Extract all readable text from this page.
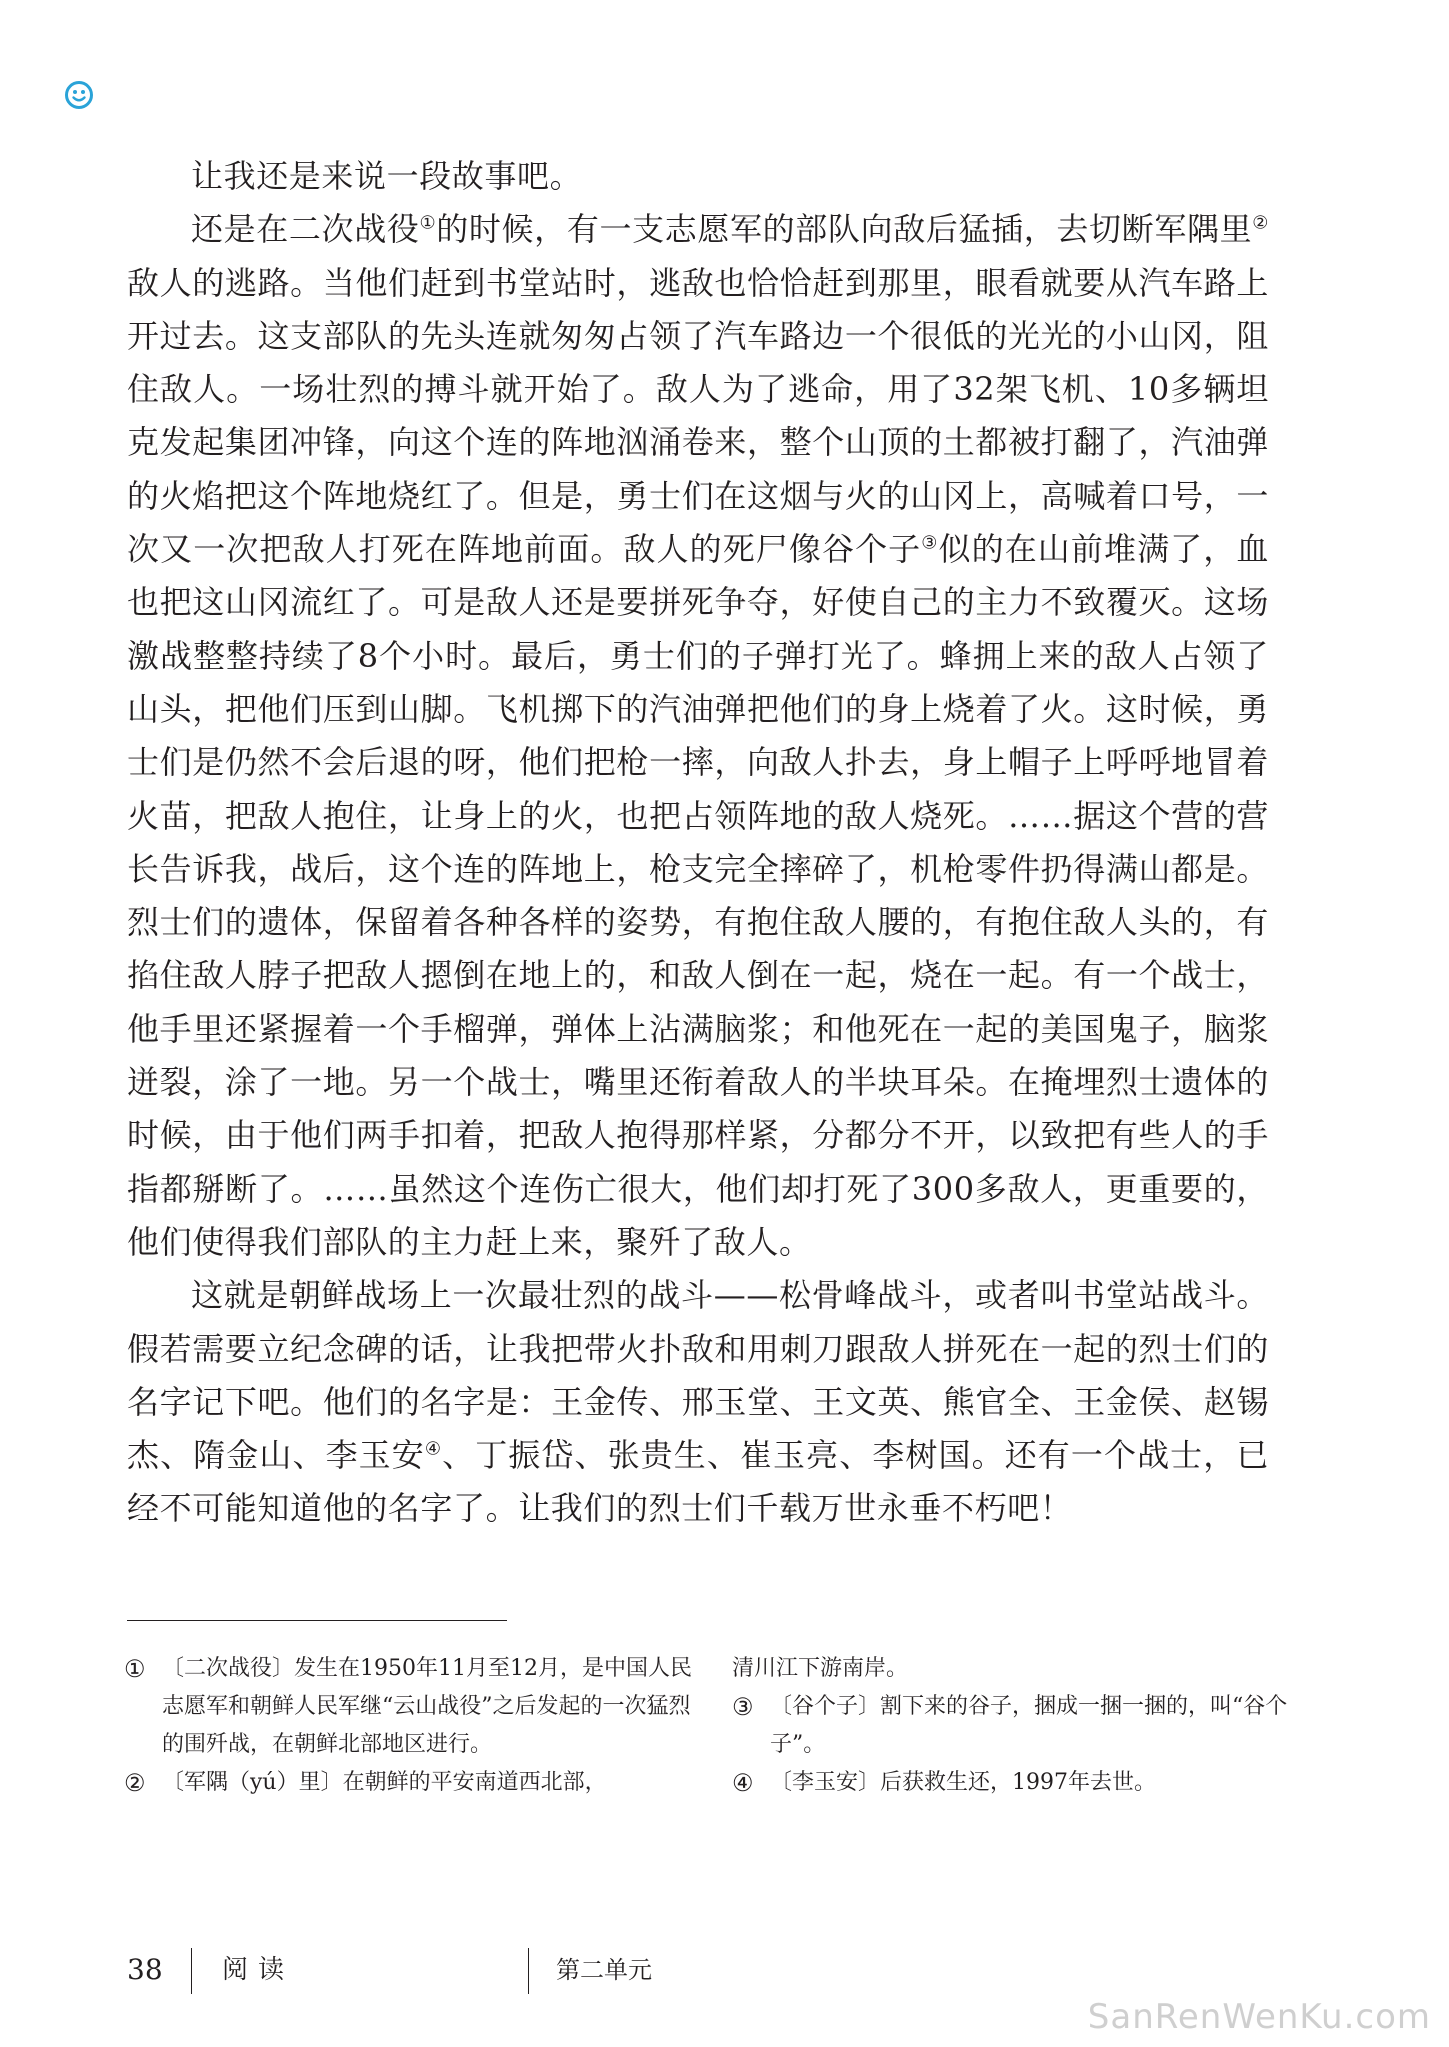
让我还是来说一段故事吧。

还是在二次战役①的时候，有一支志愿军的部队向敌后猛插，去切断军隅里②敌人的逃路。当他们赶到书堂站时，逃敌也恰恰赶到那里，眼看就要从汽车路上开过去。这支部队的先头连就匆匆占领了汽车路边一个很低的光光的小山冈，阻住敌人。一场壮烈的搏斗就开始了。敌人为了逃命，用了32架飞机、10多辆坦克发起集团冲锋，向这个连的阵地汹涌卷来，整个山顶的土都被打翻了，汽油弹的火焰把这个阵地烧红了。但是，勇士们在这烟与火的山冈上，高喊着口号，一次又一次把敌人打死在阵地前面。敌人的死尸像谷个子③似的在山前堆满了，血也把这山冈流红了。可是敌人还是要拼死争夺，好使自己的主力不致覆灭。这场激战整整持续了8个小时。最后，勇士们的子弹打光了。蜂拥上来的敌人占领了山头，把他们压到山脚。飞机掷下的汽油弹把他们的身上烧着了火。这时候，勇士们是仍然不会后退的呀，他们把枪一摔，向敌人扑去，身上帽子上呼呼地冒着火苗，把敌人抱住，让身上的火，也把占领阵地的敌人烧死。……据这个营的营长告诉我，战后，这个连的阵地上，枪支完全摔碎了，机枪零件扔得满山都是。烈士们的遗体，保留着各种各样的姿势，有抱住敌人腰的，有抱住敌人头的，有掐住敌人脖子把敌人摁倒在地上的，和敌人倒在一起，烧在一起。有一个战士，他手里还紧握着一个手榴弹，弹体上沾满脑浆；和他死在一起的美国鬼子，脑浆迸裂，涂了一地。另一个战士，嘴里还衔着敌人的半块耳朵。在掩埋烈士遗体的时候，由于他们两手扣着，把敌人抱得那样紧，分都分不开，以致把有些人的手指都掰断了。……虽然这个连伤亡很大，他们却打死了300多敌人，更重要的，他们使得我们部队的主力赶上来，聚歼了敌人。

这就是朝鲜战场上一次最壮烈的战斗——松骨峰战斗，或者叫书堂站战斗。假若需要立纪念碑的话，让我把带火扑敌和用刺刀跟敌人拼死在一起的烈士们的名字记下吧。他们的名字是：王金传、邢玉堂、王文英、熊官全、王金侯、赵锡杰、隋金山、李玉安④、丁振岱、张贵生、崔玉亮、李树国。还有一个战士，已经不可能知道他的名字了。让我们的烈士们千载万世永垂不朽吧！

① 〔二次战役〕发生在1950年11月至12月，是中国人民志愿军和朝鲜人民军继“云山战役”之后发起的一次猛烈的围歼战，在朝鲜北部地区进行。
② 〔军隅（yú）里〕在朝鲜的平安南道西北部，
清川江下游南岸。
③ 〔谷个子〕割下来的谷子，捆成一捆一捆的，叫“谷个子”。
④ 〔李玉安〕后获救生还，1997年去世。
38 阅读	第二单元
SanRenWenKu.com
